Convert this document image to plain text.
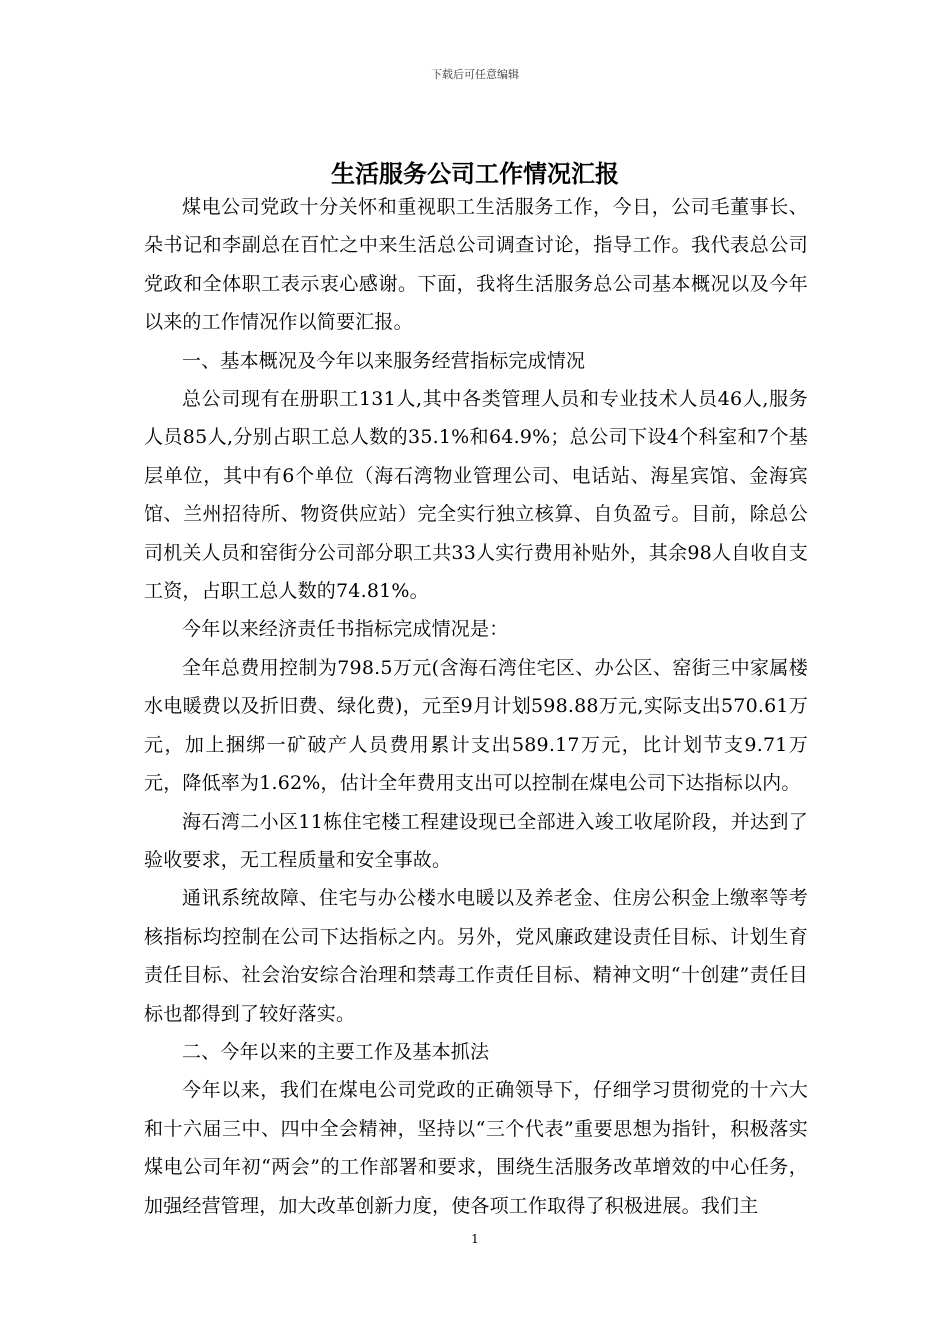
下载后可任意编辑
生活服务公司工作情况汇报

煤电公司党政十分关怀和重视职工生活服务工作，今日，公司毛董事长、朵书记和李副总在百忙之中来生活总公司调查讨论，指导工作。我代表总公司党政和全体职工表示衷心感谢。下面，我将生活服务总公司基本概况以及今年以来的工作情况作以简要汇报。

一、基本概况及今年以来服务经营指标完成情况

总公司现有在册职工131人,其中各类管理人员和专业技术人员46人,服务人员85人,分别占职工总人数的35.1%和64.9%；总公司下设4个科室和7个基层单位，其中有6个单位（海石湾物业管理公司、电话站、海星宾馆、金海宾馆、兰州招待所、物资供应站）完全实行独立核算、自负盈亏。目前，除总公司机关人员和窑街分公司部分职工共33人实行费用补贴外，其余98人自收自支工资，占职工总人数的74.81%。

今年以来经济责任书指标完成情况是：

全年总费用控制为798.5万元(含海石湾住宅区、办公区、窑街三中家属楼水电暖费以及折旧费、绿化费)，元至9月计划598.88万元,实际支出570.61万元，加上捆绑一矿破产人员费用累计支出589.17万元，比计划节支9.71万元，降低率为1.62%，估计全年费用支出可以控制在煤电公司下达指标以内。

海石湾二小区11栋住宅楼工程建设现已全部进入竣工收尾阶段，并达到了验收要求，无工程质量和安全事故。

通讯系统故障、住宅与办公楼水电暖以及养老金、住房公积金上缴率等考核指标均控制在公司下达指标之内。另外，党风廉政建设责任目标、计划生育责任目标、社会治安综合治理和禁毒工作责任目标、精神文明“十创建”责任目标也都得到了较好落实。

二、今年以来的主要工作及基本抓法

今年以来，我们在煤电公司党政的正确领导下，仔细学习贯彻党的十六大和十六届三中、四中全会精神，坚持以“三个代表”重要思想为指针，积极落实煤电公司年初“两会”的工作部署和要求，围绕生活服务改革增效的中心任务，加强经营管理，加大改革创新力度，使各项工作取得了积极进展。我们主

1
